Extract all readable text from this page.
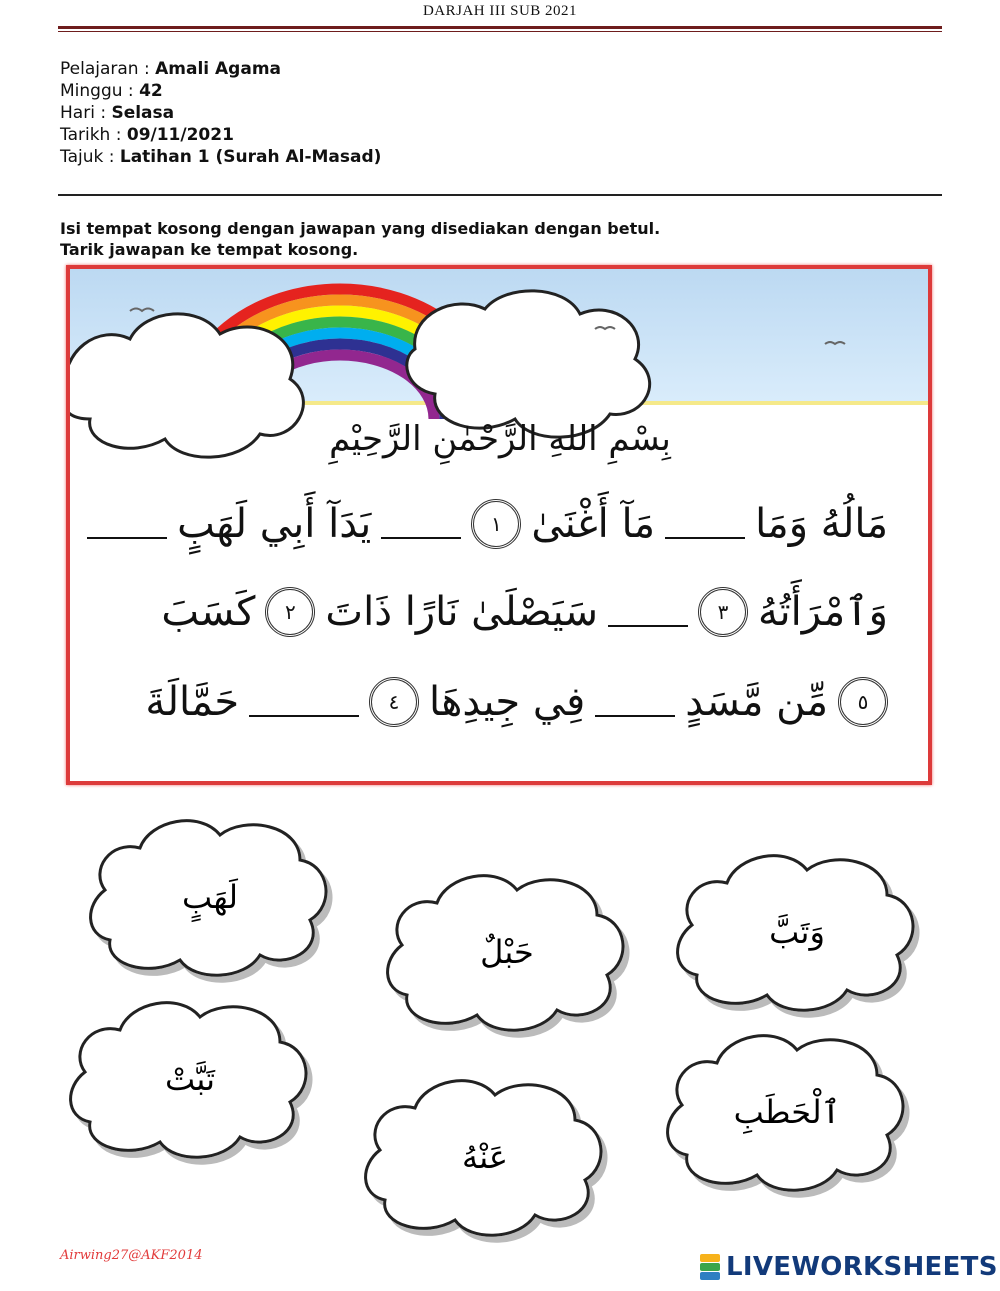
DARJAH III SUB 2021
Pelajaran : Amali Agama
Minggu : 42
Hari : Selasa
Tarikh : 09/11/2021
Tajuk : Latihan 1 (Surah Al-Masad)
Isi tempat kosong dengan jawapan yang disediakan dengan betul.
Tarik jawapan ke tempat kosong.
بِسْمِ اللهِ الرَّحْمٰنِ الرَّحِيْمِ
يَدَآ أَبِي لَهَبٍ	١ مَآ أَغْنَىٰ	مَالُهُ وَمَا
كَسَبَ	٢ سَيَصْلَىٰ نَارًا ذَاتَ	٣ وَٱمْرَأَتُهُ
حَمَّالَةَ	٤ فِي جِيدِهَا	مِّن مَّسَدٍ	٥
لَهَبٍ
حَبْلٌ
وَتَبَّ
تَبَّتْ
عَنْهُ
ٱلْحَطَبِ
Airwing27@AKF2014	LIVEWORKSHEETS
